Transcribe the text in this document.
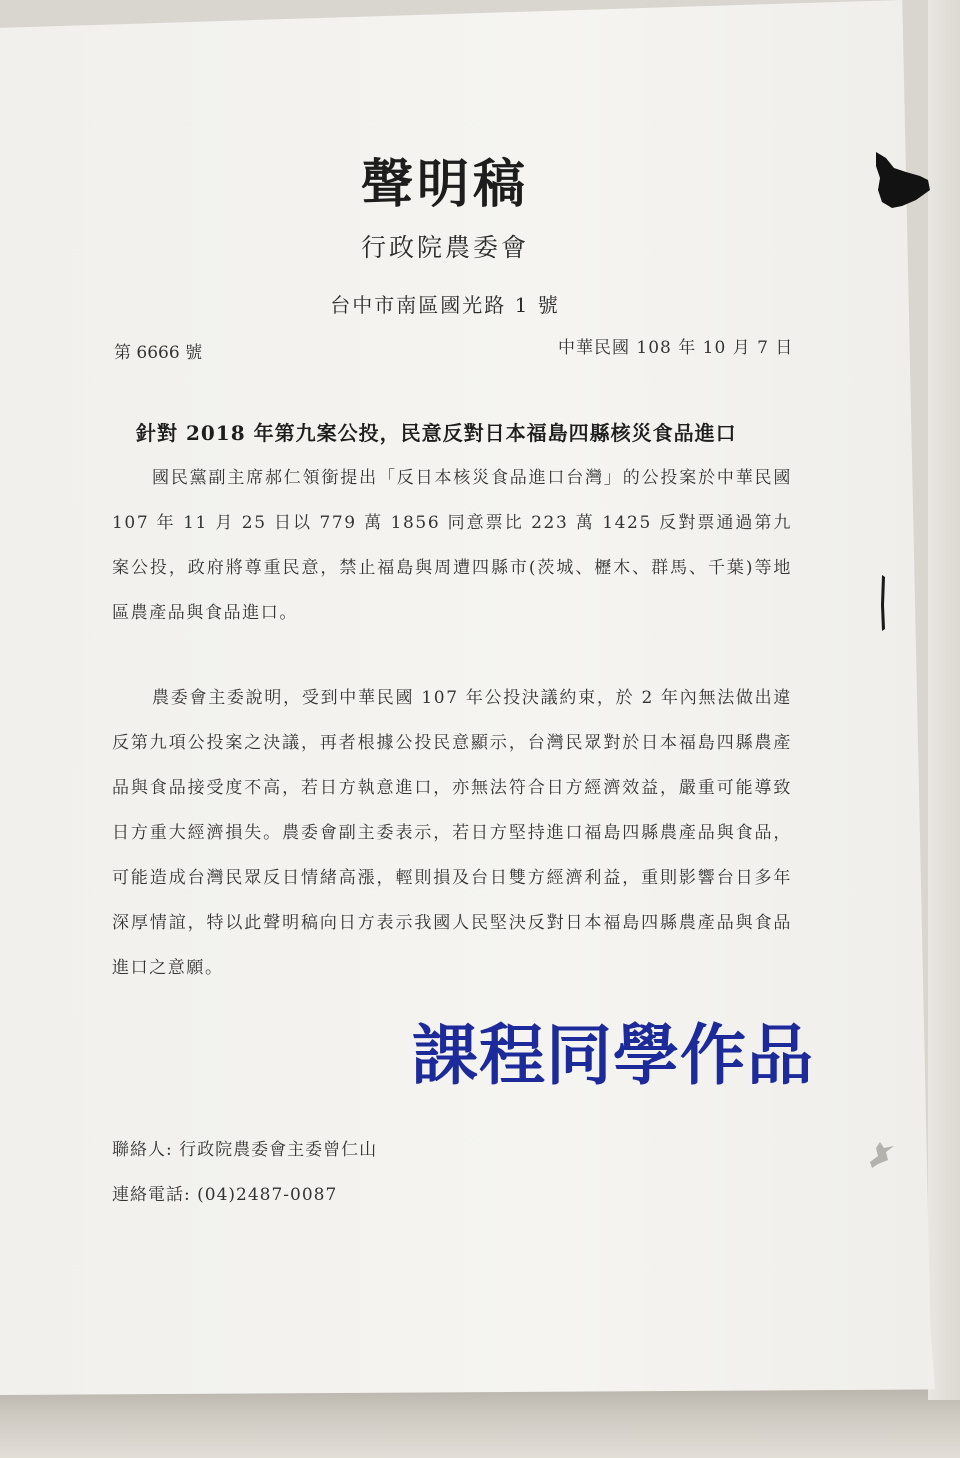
聲明稿
行政院農委會
台中市南區國光路 1 號
第 6666 號	中華民國 108 年 10 月 7 日
針對 2018 年第九案公投，民意反對日本福島四縣核災食品進口
國民黨副主席郝仁領銜提出「反日本核災食品進口台灣」的公投案於中華民國 107 年 11 月 25 日以 779 萬 1856 同意票比 223 萬 1425 反對票通過第九案公投，政府將尊重民意，禁止福島與周遭四縣市(茨城、櫪木、群馬、千葉)等地區農產品與食品進口。
農委會主委說明，受到中華民國 107 年公投決議約束，於 2 年內無法做出違反第九項公投案之決議，再者根據公投民意顯示，台灣民眾對於日本福島四縣農產品與食品接受度不高，若日方執意進口，亦無法符合日方經濟效益，嚴重可能導致日方重大經濟損失。農委會副主委表示，若日方堅持進口福島四縣農產品與食品，可能造成台灣民眾反日情緒高漲，輕則損及台日雙方經濟利益，重則影響台日多年深厚情誼，特以此聲明稿向日方表示我國人民堅決反對日本福島四縣農產品與食品進口之意願。
課程同學作品
聯絡人: 行政院農委會主委曾仁山
連絡電話: (04)2487-0087
